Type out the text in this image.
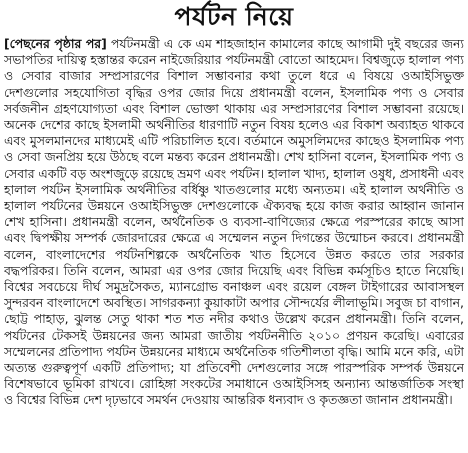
পর্যটন নিয়ে

[পেছনের পৃষ্ঠার পর] পর্যটনমন্ত্রী এ কে এম শাহজাহান কামালের কাছে আগামী দুই বছরের জন্য সভাপতির দায়িত্ব হস্তান্তর করেন নাইজেরিয়ার পর্যটনমন্ত্রী বোতো আহমেদ। বিশ্বজুড়ে হালাল পণ্য ও সেবার বাজার সম্প্রসারণের বিশাল সম্ভাবনার কথা তুলে ধরে এ বিষয়ে ওআইসিভুক্ত দেশগুলোর সহযোগিতা বৃদ্ধির ওপর জোর দিয়ে প্রধানমন্ত্রী বলেন, ইসলামিক পণ্য ও সেবার সর্বজনীন গ্রহণযোগ্যতা এবং বিশাল ভোক্তা থাকায় এর সম্প্রসারণের বিশাল সম্ভাবনা রয়েছে। অনেক দেশের কাছে ইসলামী অর্থনীতির ধারণাটি নতুন বিষয় হলেও এর বিকাশ অব্যাহত থাকবে এবং মুসলমানদের মাধ্যমেই এটি পরিচালিত হবে। বর্তমানে অমুসলিমদের কাছেও ইসলামিক পণ্য ও সেবা জনপ্রিয় হয়ে উঠছে বলে মন্তব্য করেন প্রধানমন্ত্রী। শেখ হাসিনা বলেন, ইসলামিক পণ্য ও সেবার একটি বড় অংশজুড়ে রয়েছে ভ্রমণ এবং পর্যটন। হালাল খাদ্য, হালাল ওষুধ, প্রসাধনী এবং হালাল পর্যটন ইসলামিক অর্থনীতির বর্ধিষ্ণু খাতগুলোর মধ্যে অন্যতম। এই হালাল অর্থনীতি ও হালাল পর্যটনের উন্নয়নে ওআইসিভুক্ত দেশগুলোকে ঐক্যবদ্ধ হয়ে কাজ করার আহ্বান জানান শেখ হাসিনা। প্রধানমন্ত্রী বলেন, অর্থনৈতিক ও ব্যবসা-বাণিজ্যের ক্ষেত্রে পরস্পরের কাছে আসা এবং দ্বিপক্ষীয় সম্পর্ক জোরদারের ক্ষেত্রে এ সম্মেলন নতুন দিগন্তের উন্মোচন করবে। প্রধানমন্ত্রী বলেন, বাংলাদেশের পর্যটনশিল্পকে অর্থনৈতিক খাত হিসেবে উন্নত করতে তার সরকার বদ্ধপরিকর। তিনি বলেন, আমরা এর ওপর জোর দিয়েছি এবং বিভিন্ন কর্মসূচিও হাতে নিয়েছি। বিশ্বের সবচেয়ে দীর্ঘ সমুদ্রসৈকত, ম্যানগ্রোভ বনাঞ্চল এবং রয়েল বেঙ্গল টাইগারের আবাসস্থল সুন্দরবন বাংলাদেশে অবস্থিত। সাগরকন্যা কুয়াকাটা অপার সৌন্দর্যের লীলাভূমি। সবুজ চা বাগান, ছোট্ট পাহাড়, ঝুলন্ত সেতু থাকা শত শত নদীর কথাও উল্লেখ করেন প্রধানমন্ত্রী। তিনি বলেন, পর্যটনের টেকসই উন্নয়নের জন্য আমরা জাতীয় পর্যটননীতি ২০১০ প্রণয়ন করেছি। এবারের সম্মেলনের প্রতিপাদ্য পর্যটন উন্নয়নের মাধ্যমে অর্থনৈতিক গতিশীলতা বৃদ্ধি। আমি মনে করি, এটা অত্যন্ত গুরুত্বপূর্ণ একটি প্রতিপাদ্য; যা প্রতিবেশী দেশগুলোর সঙ্গে পারস্পরিক সম্পর্ক উন্নয়নে বিশেষভাবে ভূমিকা রাখবে। রোহিঙ্গা সংকটের সমাধানে ওআইসিসহ অন্যান্য আন্তর্জাতিক সংস্থা ও বিশ্বের বিভিন্ন দেশ দৃঢ়ভাবে সমর্থন দেওয়ায় আন্তরিক ধন্যবাদ ও কৃতজ্ঞতা জানান প্রধানমন্ত্রী।
